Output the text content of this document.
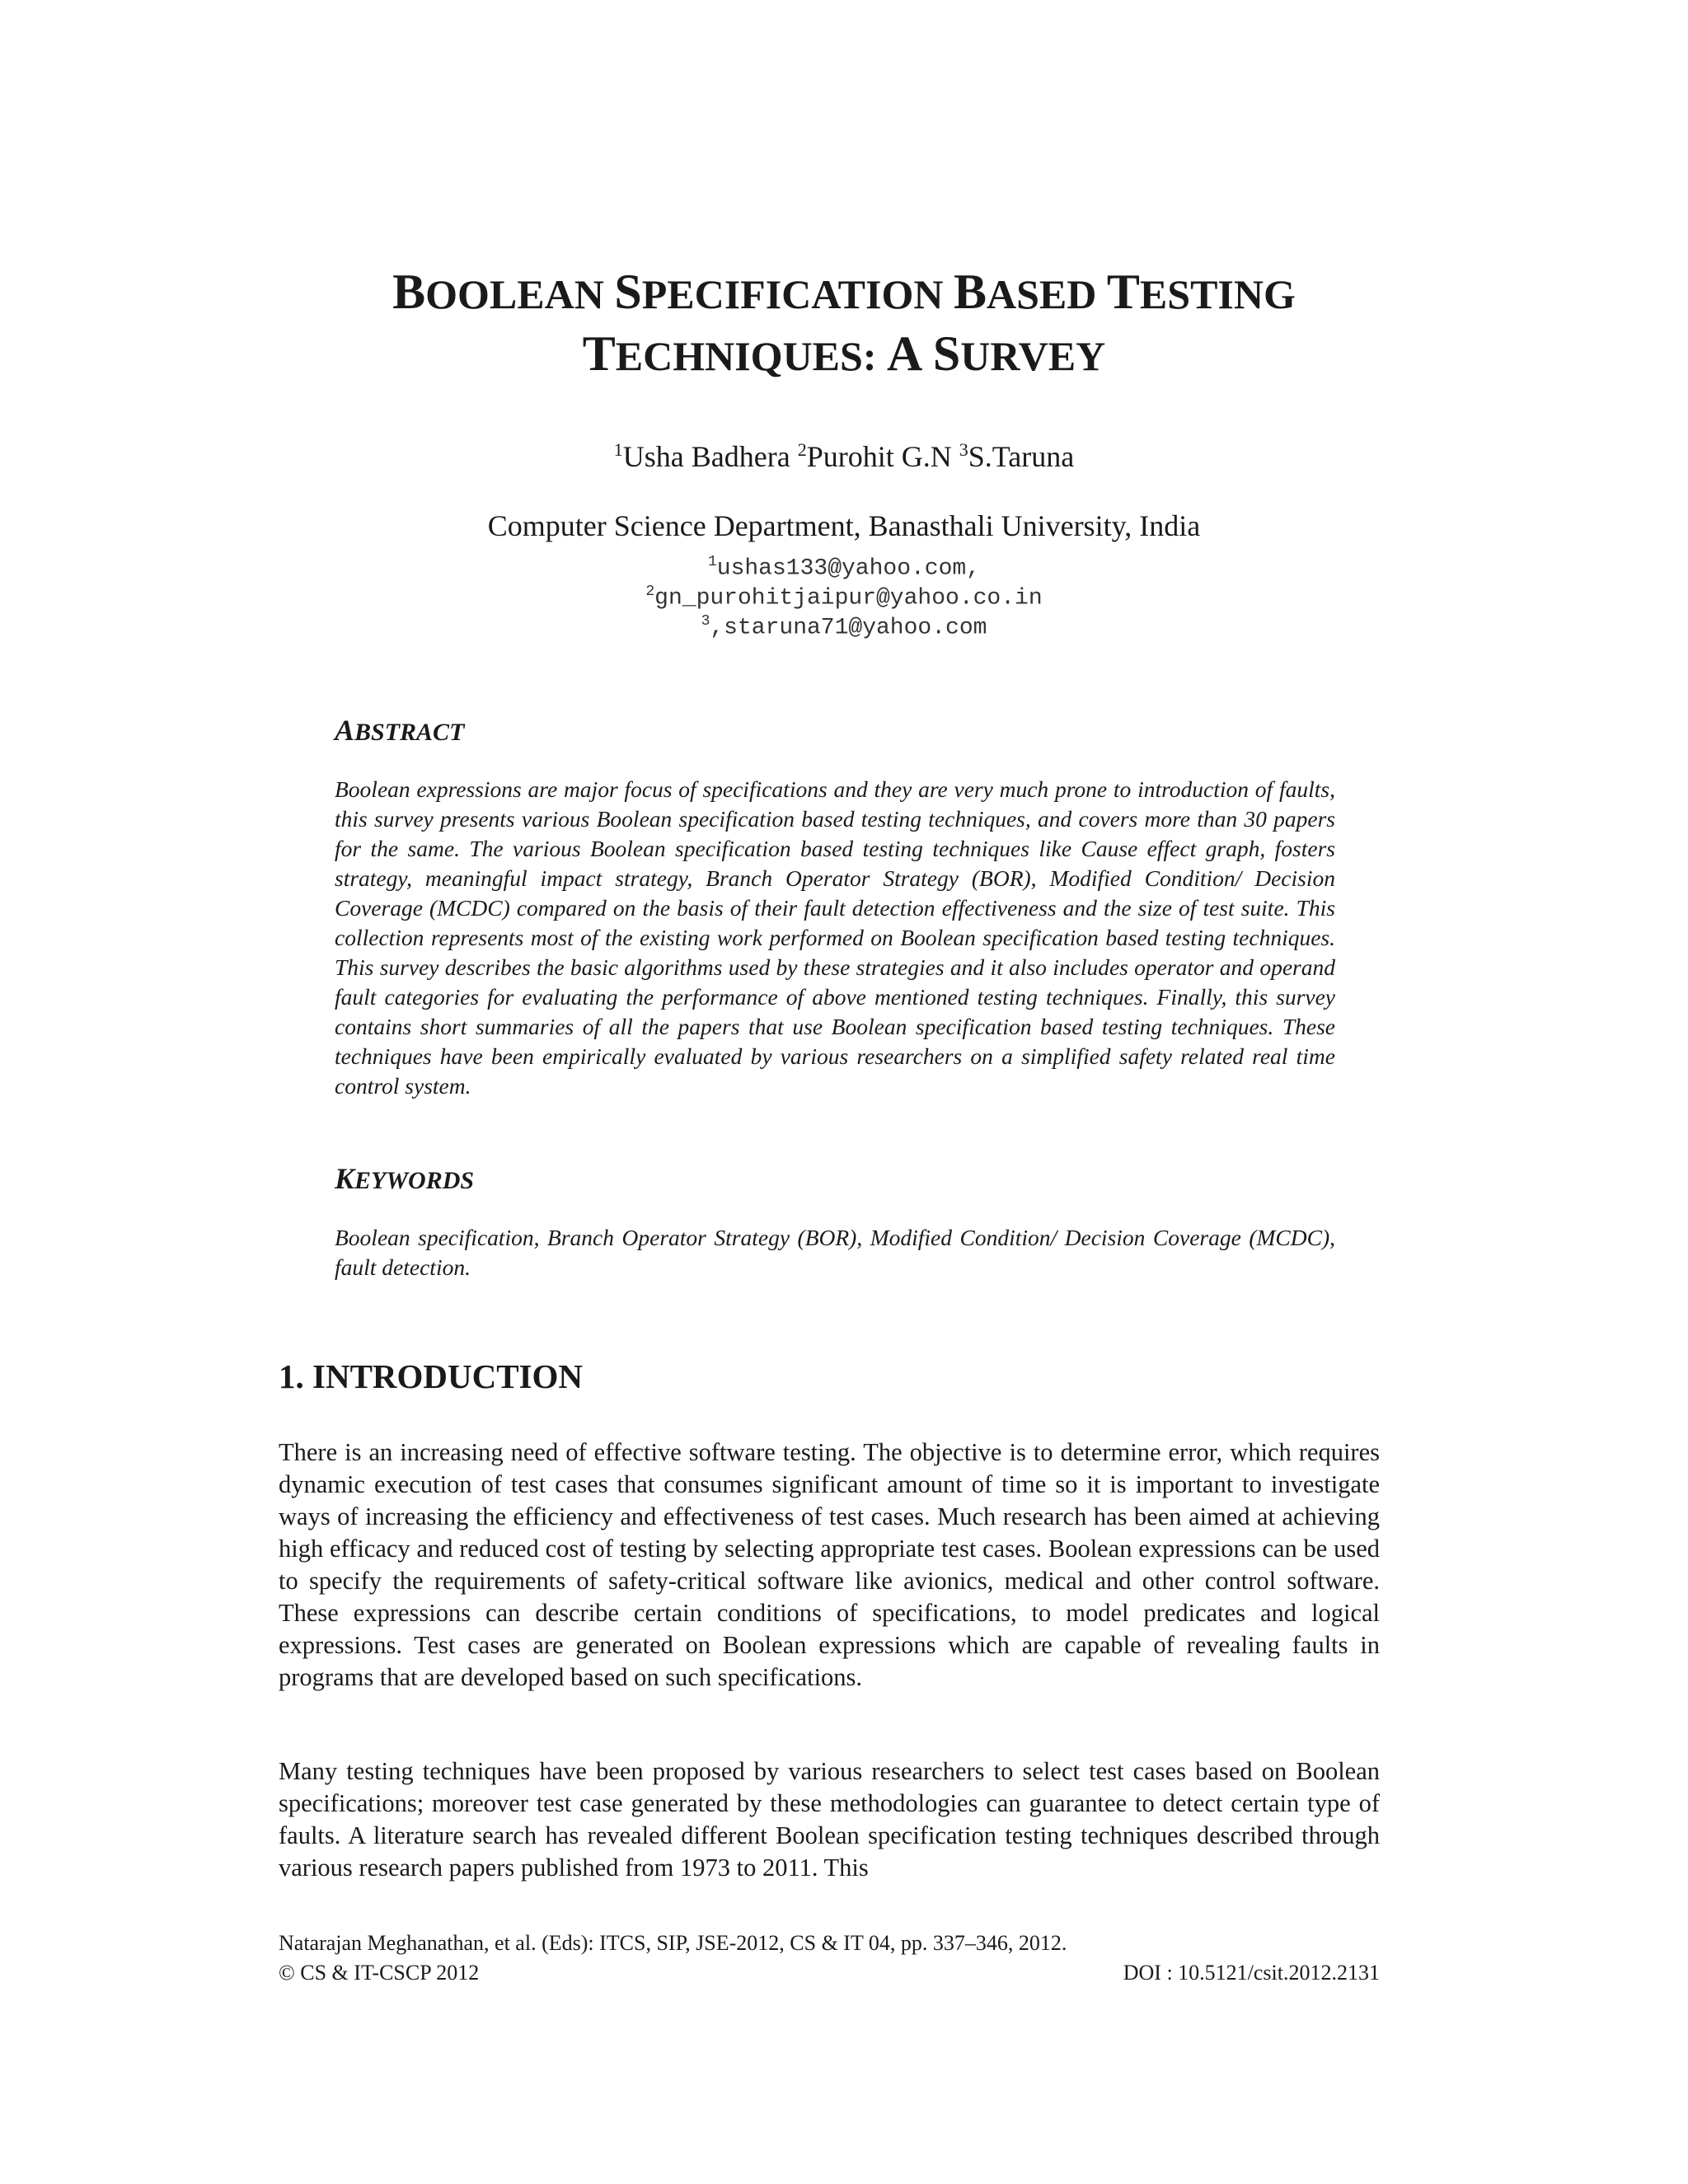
BOOLEAN SPECIFICATION BASED TESTING
TECHNIQUES: A SURVEY
$^1$Usha Badhera $^2$Purohit G.N $^3$S.Taruna
Computer Science Department, Banasthali University, India
$^1$ushas133@yahoo.com,
$^2$gn_purohitjaipur@yahoo.co.in
$^3$,staruna71@yahoo.com
ABSTRACT
Boolean expressions are major focus of specifications and they are very much prone to introduction of faults, this survey presents various Boolean specification based testing techniques, and covers more than 30 papers for the same. The various Boolean specification based testing techniques like Cause effect graph, fosters strategy, meaningful impact strategy, Branch Operator Strategy (BOR), Modified Condition/ Decision Coverage (MCDC) compared on the basis of their fault detection effectiveness and the size of test suite. This collection represents most of the existing work performed on Boolean specification based testing techniques. This survey describes the basic algorithms used by these strategies and it also includes operator and operand fault categories for evaluating the performance of above mentioned testing techniques. Finally, this survey contains short summaries of all the papers that use Boolean specification based testing techniques. These techniques have been empirically evaluated by various researchers on a simplified safety related real time control system.
KEYWORDS
Boolean specification, Branch Operator Strategy (BOR), Modified Condition/ Decision Coverage (MCDC), fault detection.
1. INTRODUCTION
There is an increasing need of effective software testing. The objective is to determine error, which requires dynamic execution of test cases that consumes significant amount of time so it is important to investigate ways of increasing the efficiency and effectiveness of test cases. Much research has been aimed at achieving high efficacy and reduced cost of testing by selecting appropriate test cases. Boolean expressions can be used to specify the requirements of safety-critical software like avionics, medical and other control software. These expressions can describe certain conditions of specifications, to model predicates and logical expressions. Test cases are generated on Boolean expressions which are capable of revealing faults in programs that are developed based on such specifications.
Many testing techniques have been proposed by various researchers to select test cases based on Boolean specifications; moreover test case generated by these methodologies can guarantee to detect certain type of faults. A literature search has revealed different Boolean specification testing techniques described through various research papers published from 1973 to 2011. This
Natarajan Meghanathan, et al. (Eds): ITCS, SIP, JSE-2012, CS & IT 04, pp. 337–346, 2012.
© CS & IT-CSCP 2012	DOI : 10.5121/csit.2012.2131
